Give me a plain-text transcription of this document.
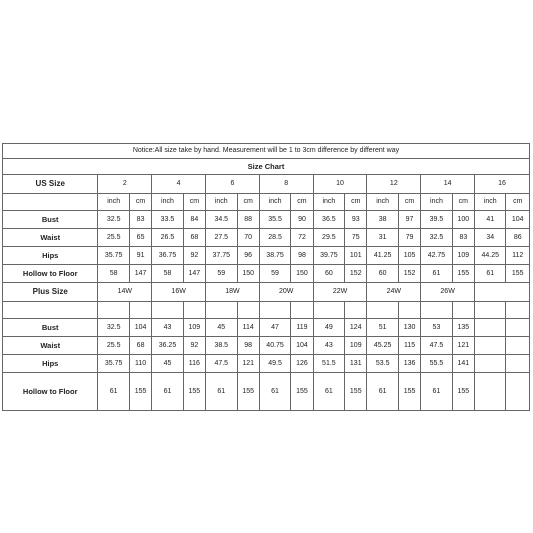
Notice:All size take by hand. Measurement will be 1 to 3cm difference by different way																
Size Chart																
US Size	2		4		6		8		10		12		14		16	
	inch	cm	inch	cm	inch	cm	inch	cm	inch	cm	inch	cm	inch	cm	inch	cm
Bust	32.5	83	33.5	84	34.5	88	35.5	90	36.5	93	38	97	39.5	100	41	104
Waist	25.5	65	26.5	68	27.5	70	28.5	72	29.5	75	31	79	32.5	83	34	86
Hips	35.75	91	36.75	92	37.75	96	38.75	98	39.75	101	41.25	105	42.75	109	44.25	112
Hollow to Floor	58	147	58	147	59	150	59	150	60	152	60	152	61	155	61	155
Plus Size	14W		16W		18W		20W		22W		24W		26W			

Bust	32.5	104	43	109	45	114	47	119	49	124	51	130	53	135		
Waist	25.5	68	36.25	92	38.5	98	40.75	104	43	109	45.25	115	47.5	121		
Hips	35.75	110	45	116	47.5	121	49.5	126	51.5	131	53.5	136	55.5	141		
Hollow to Floor	61	155	61	155	61	155	61	155	61	155	61	155	61	155		
